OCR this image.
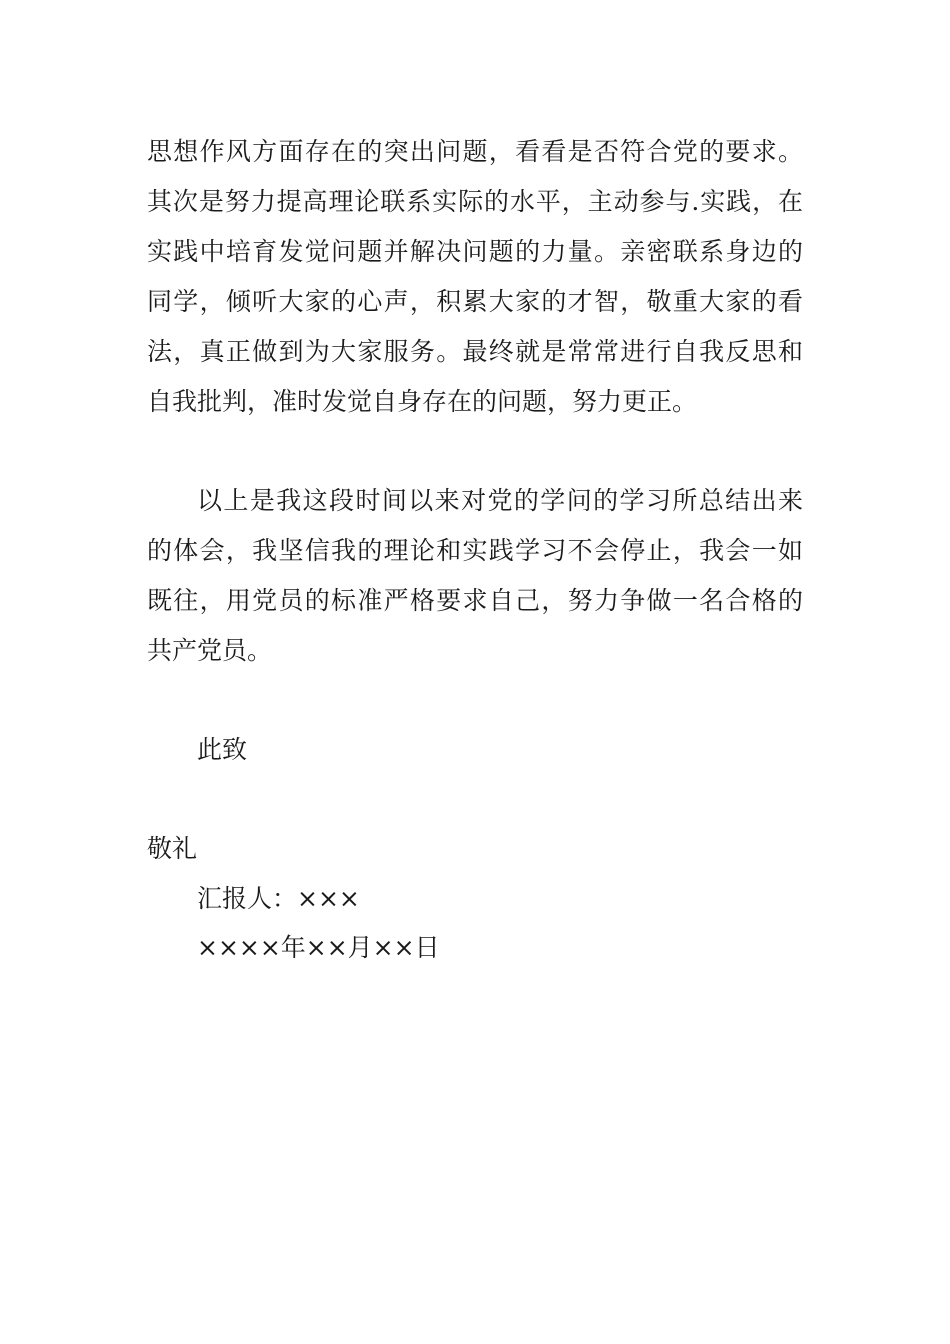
思想作风方面存在的突出问题，看看是否符合党的要求。
其次是努力提高理论联系实际的水平，主动参与.实践，在
实践中培育发觉问题并解决问题的力量。亲密联系身边的
同学，倾听大家的心声，积累大家的才智，敬重大家的看
法，真正做到为大家服务。最终就是常常进行自我反思和
自我批判，准时发觉自身存在的问题，努力更正。
以上是我这段时间以来对党的学问的学习所总结出来
的体会，我坚信我的理论和实践学习不会停止，我会一如
既往，用党员的标准严格要求自己，努力争做一名合格的
共产党员。
此致
敬礼
汇报人：×××
××××年××月××日
